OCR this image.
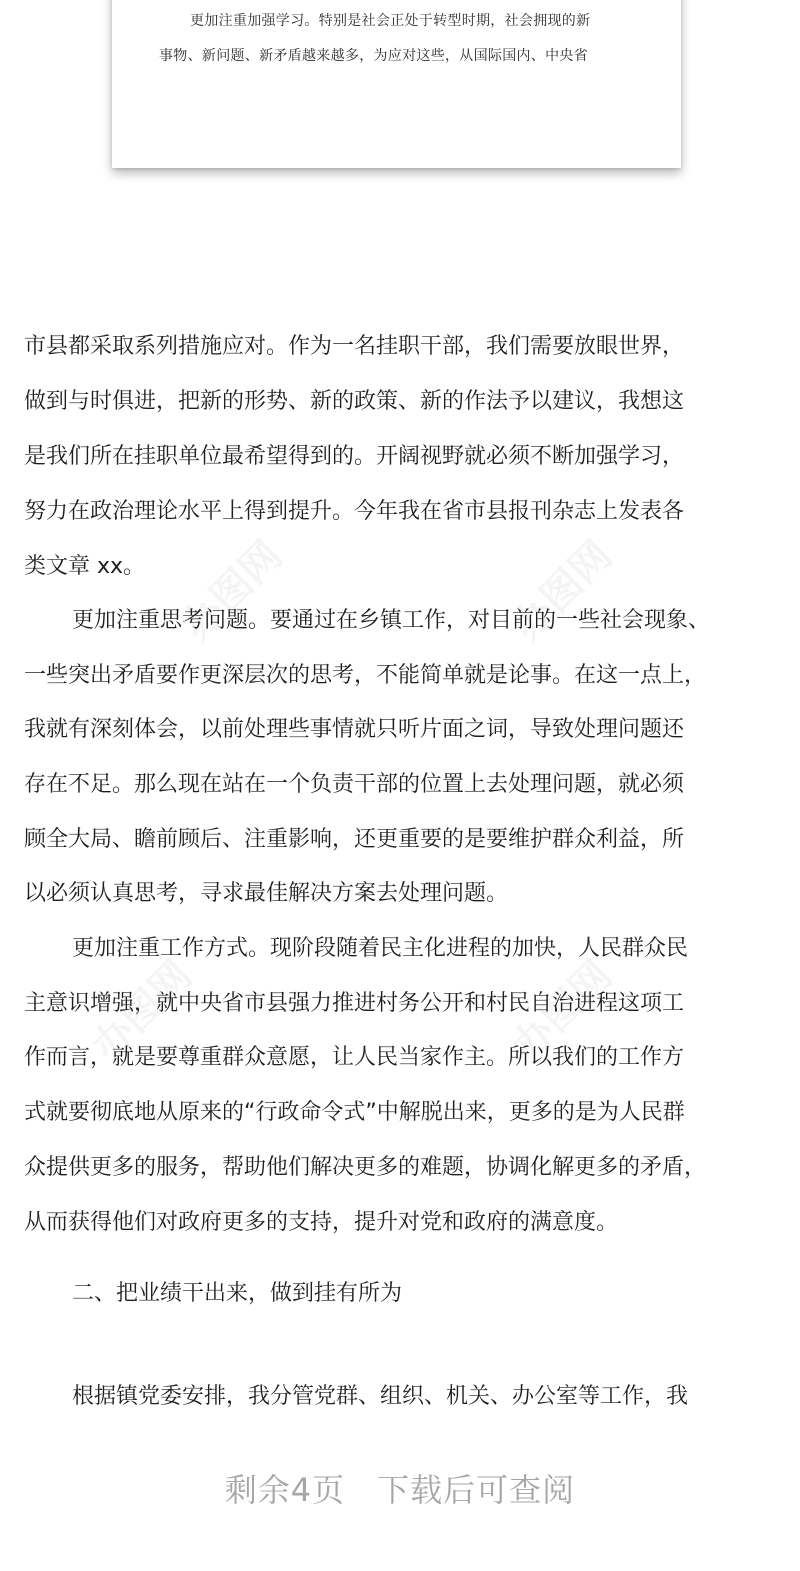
更加注重加强学习。特别是社会正处于转型时期，社会拥现的新
事物、新问题、新矛盾越来越多，为应对这些，从国际国内、中央省
市县都采取系列措施应对。作为一名挂职干部，我们需要放眼世界，
做到与时俱进，把新的形势、新的政策、新的作法予以建议，我想这
是我们所在挂职单位最希望得到的。开阔视野就必须不断加强学习，
努力在政治理论水平上得到提升。今年我在省市县报刊杂志上发表各
类文章 xx。
更加注重思考问题。要通过在乡镇工作，对目前的一些社会现象、
一些突出矛盾要作更深层次的思考，不能简单就是论事。在这一点上，
我就有深刻体会，以前处理些事情就只听片面之词，导致处理问题还
存在不足。那么现在站在一个负责干部的位置上去处理问题，就必须
顾全大局、瞻前顾后、注重影响，还更重要的是要维护群众利益，所
以必须认真思考，寻求最佳解决方案去处理问题。
更加注重工作方式。现阶段随着民主化进程的加快，人民群众民
主意识增强，就中央省市县强力推进村务公开和村民自治进程这项工
作而言，就是要尊重群众意愿，让人民当家作主。所以我们的工作方
式就要彻底地从原来的“行政命令式”中解脱出来，更多的是为人民群
众提供更多的服务，帮助他们解决更多的难题，协调化解更多的矛盾，
从而获得他们对政府更多的支持，提升对党和政府的满意度。
二、把业绩干出来，做到挂有所为
根据镇党委安排，我分管党群、组织、机关、办公室等工作，我
剩余4页 下载后可查阅
